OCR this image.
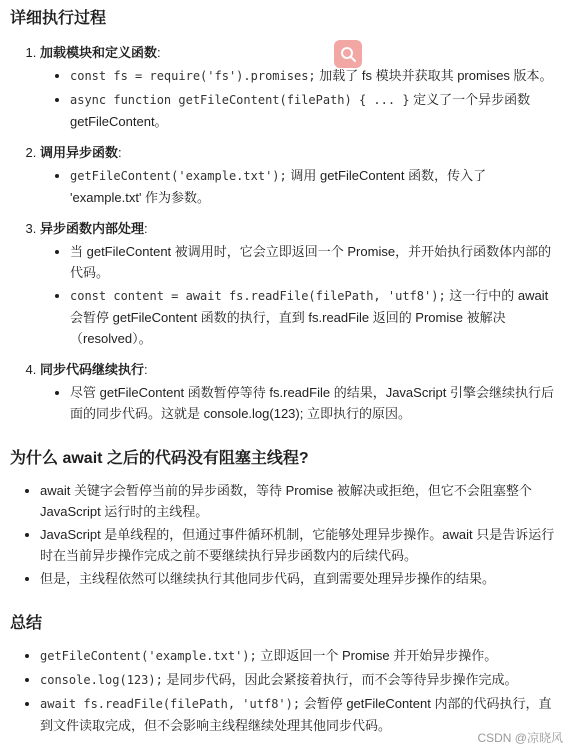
详细执行过程
1. 加载模块和定义函数:
• const fs = require('fs').promises; 加载了 fs 模块并获取其 promises 版本。
• async function getFileContent(filePath) { ... } 定义了一个异步函数 getFileContent。
2. 调用异步函数:
• getFileContent('example.txt'); 调用 getFileContent 函数，传入了 'example.txt' 作为参数。
3. 异步函数内部处理:
• 当 getFileContent 被调用时，它会立即返回一个 Promise，并开始执行函数体内部的代码。
• const content = await fs.readFile(filePath, 'utf8'); 这一行中的 await 会暂停 getFileContent 函数的执行，直到 fs.readFile 返回的 Promise 被解决（resolved）。
4. 同步代码继续执行:
• 尽管 getFileContent 函数暂停等待 fs.readFile 的结果，JavaScript 引擎会继续执行后面的同步代码。这就是 console.log(123); 立即执行的原因。
为什么 await 之后的代码没有阻塞主线程?
• await 关键字会暂停当前的异步函数，等待 Promise 被解决或拒绝，但它不会阻塞整个 JavaScript 运行时的主线程。
• JavaScript 是单线程的，但通过事件循环机制，它能够处理异步操作。await 只是告诉运行时在当前异步操作完成之前不要继续执行异步函数内的后续代码。
• 但是，主线程依然可以继续执行其他同步代码，直到需要处理异步操作的结果。
总结
• getFileContent('example.txt'); 立即返回一个 Promise 并开始异步操作。
• console.log(123); 是同步代码，因此会紧接着执行，而不会等待异步操作完成。
• await fs.readFile(filePath, 'utf8'); 会暂停 getFileContent 内部的代码执行，直到文件读取完成，但不会影响主线程继续处理其他同步代码。
CSDN @凉晓风
